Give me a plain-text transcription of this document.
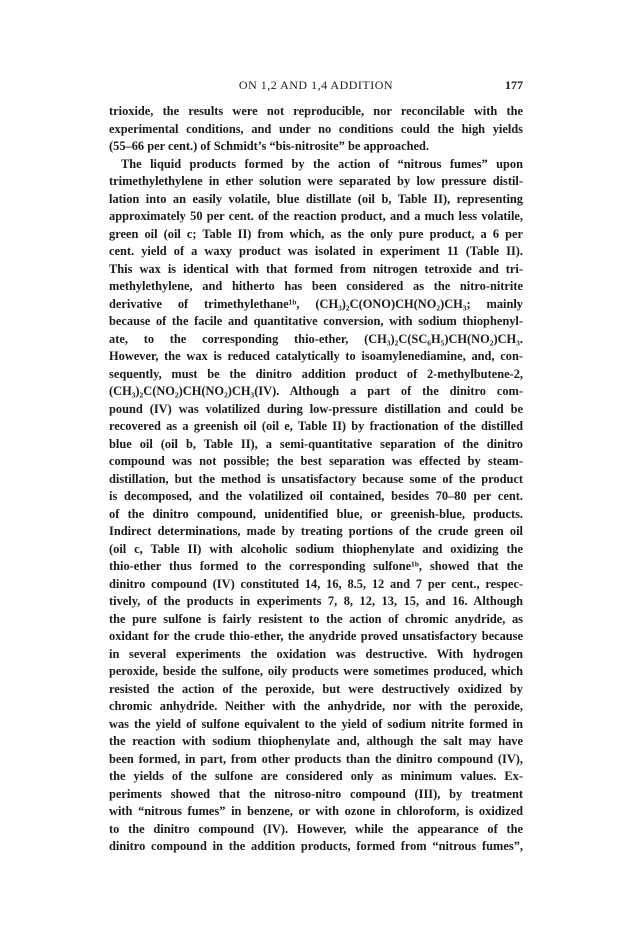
ON 1,2 AND 1,4 ADDITION	177
trioxide, the results were not reproducible, nor reconcilable with the
experimental conditions, and under no conditions could the high yields
(55–66 per cent.) of Schmidt’s “bis-nitrosite” be approached.
The liquid products formed by the action of “nitrous fumes” upon
trimethylethylene in ether solution were separated by low pressure distil-
lation into an easily volatile, blue distillate (oil b, Table II), representing
approximately 50 per cent. of the reaction product, and a much less volatile,
green oil (oil c; Table II) from which, as the only pure product, a 6 per
cent. yield of a waxy product was isolated in experiment 11 (Table II).
This wax is identical with that formed from nitrogen tetroxide and tri-
methylethylene, and hitherto has been considered as the nitro-nitrite
derivative of trimethylethane¹ᵇ, (CH₃)₂C(ONO)CH(NO₂)CH₃; mainly
because of the facile and quantitative conversion, with sodium thiophenyl-
ate, to the corresponding thio-ether, (CH₃)₂C(SC₆H₅)CH(NO₂)CH₃.
However, the wax is reduced catalytically to isoamylenediamine, and, con-
sequently, must be the dinitro addition product of 2-methylbutene-2,
(CH₃)₂C(NO₂)CH(NO₂)CH₃(IV). Although a part of the dinitro com-
pound (IV) was volatilized during low-pressure distillation and could be
recovered as a greenish oil (oil e, Table II) by fractionation of the distilled
blue oil (oil b, Table II), a semi-quantitative separation of the dinitro
compound was not possible; the best separation was effected by steam-
distillation, but the method is unsatisfactory because some of the product
is decomposed, and the volatilized oil contained, besides 70–80 per cent.
of the dinitro compound, unidentified blue, or greenish-blue, products.
Indirect determinations, made by treating portions of the crude green oil
(oil c, Table II) with alcoholic sodium thiophenylate and oxidizing the
thio-ether thus formed to the corresponding sulfone¹ᵇ, showed that the
dinitro compound (IV) constituted 14, 16, 8.5, 12 and 7 per cent., respec-
tively, of the products in experiments 7, 8, 12, 13, 15, and 16. Although
the pure sulfone is fairly resistent to the action of chromic anydride, as
oxidant for the crude thio-ether, the anydride proved unsatisfactory because
in several experiments the oxidation was destructive. With hydrogen
peroxide, beside the sulfone, oily products were sometimes produced, which
resisted the action of the peroxide, but were destructively oxidized by
chromic anhydride. Neither with the anhydride, nor with the peroxide,
was the yield of sulfone equivalent to the yield of sodium nitrite formed in
the reaction with sodium thiophenylate and, although the salt may have
been formed, in part, from other products than the dinitro compound (IV),
the yields of the sulfone are considered only as minimum values. Ex-
periments showed that the nitroso-nitro compound (III), by treatment
with “nitrous fumes” in benzene, or with ozone in chloroform, is oxidized
to the dinitro compound (IV). However, while the appearance of the
dinitro compound in the addition products, formed from “nitrous fumes”,
